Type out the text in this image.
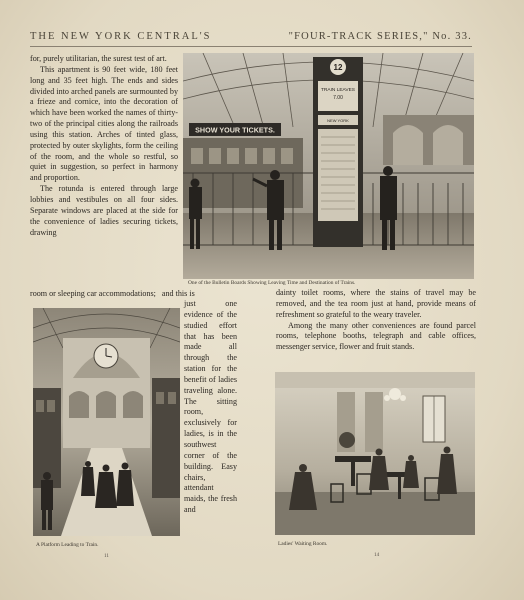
THE NEW YORK CENTRAL'S	"FOUR-TRACK SERIES," No. 33.

for, purely utilitarian, the surest test of art.

This apartment is 90 feet wide, 180 feet long and 35 feet high. The ends and sides divided into arched panels are surmounted by a frieze and cornice, into the decoration of which have been worked the names of thirty-two of the principal cities along the railroads using this station. Arches of tinted glass, protected by outer skylights, form the ceiling of the room, and the whole so restful, so quiet in suggestion, so perfect in harmony and proportion.

The rotunda is entered through large lobbies and vestibules on all four sides. Separate windows are placed at the side for the convenience of ladies securing tickets, drawing

SHOW YOUR TICKETS.
12
TRAIN LEAVES
7.00
NEW YORK
One of the Bulletin Boards Showing Leaving Time and Destination of Trains.
room or sleeping car accommodations; and this is
A Platform Leading to Train.
11
just one evidence of the studied effort that has been made all through the station for the benefit of ladies traveling alone. The sitting room, exclusively for ladies, is in the southwest corner of the building. Easy chairs, attendant maids, the fresh and

dainty toilet rooms, where the stains of travel may be removed, and the tea room just at hand, provide means of refreshment so grateful to the weary traveler.

Among the many other conveniences are found parcel rooms, telephone booths, telegraph and cable offices, messenger service, flower and fruit stands.

Ladies' Waiting Room.
14
